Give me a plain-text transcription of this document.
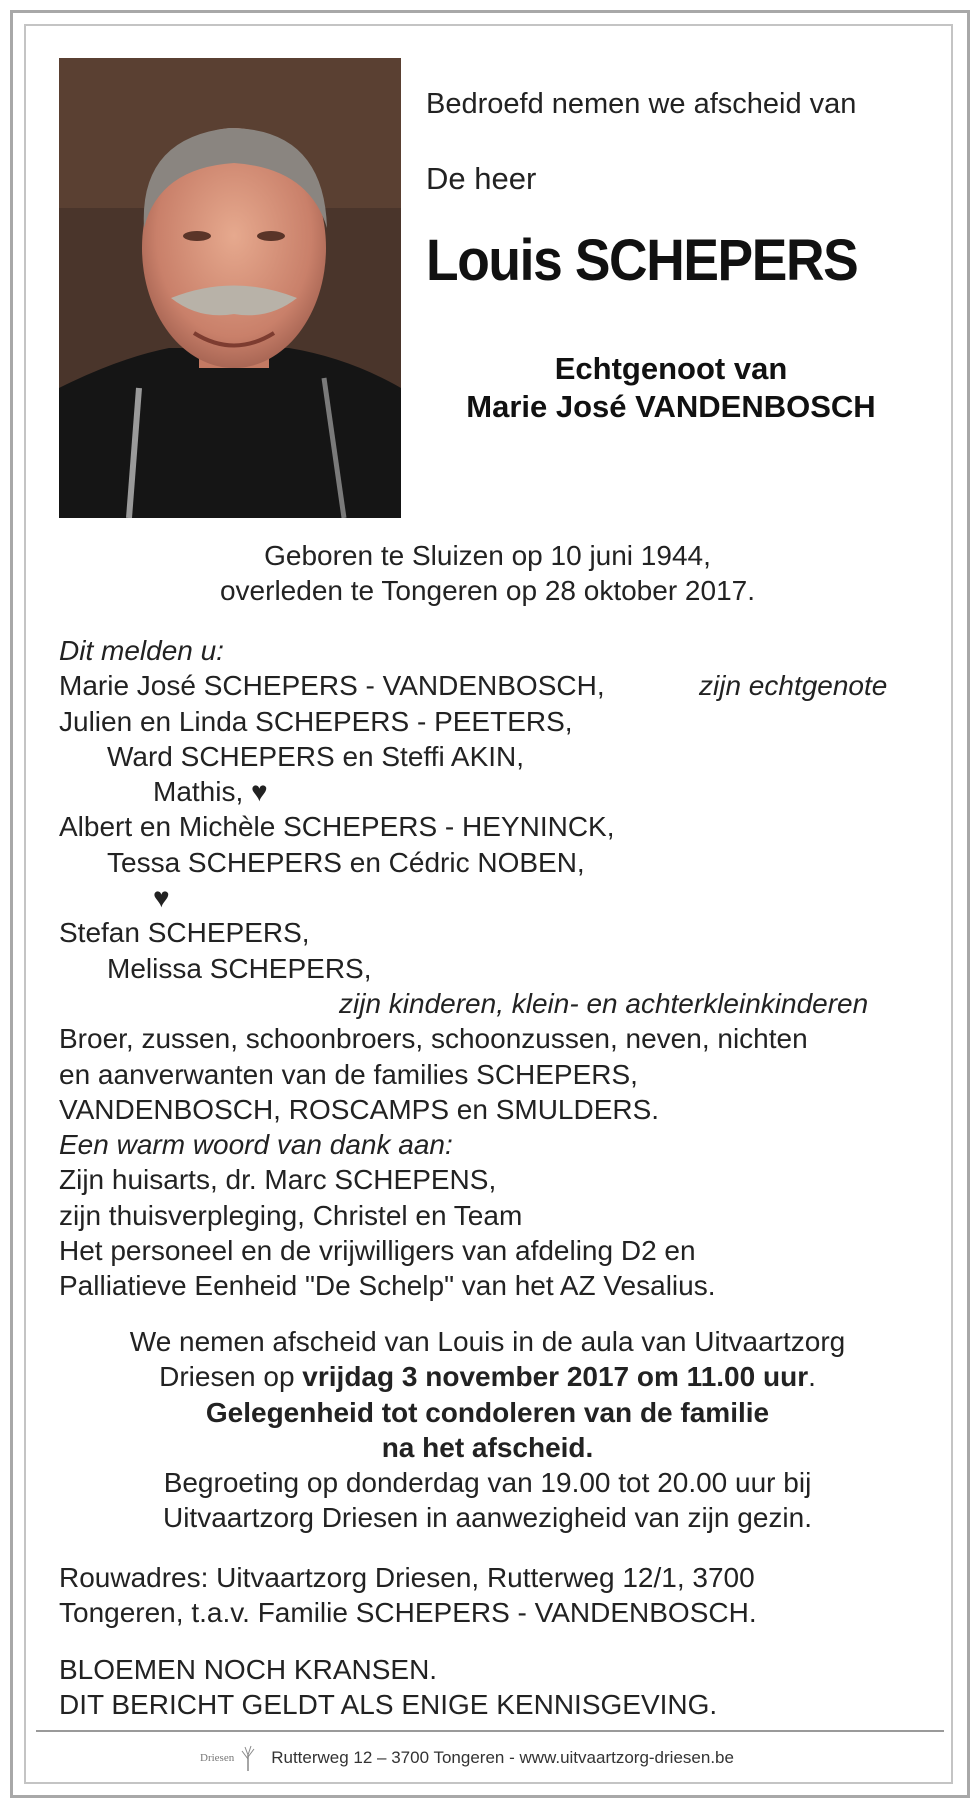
Bedroefd nemen we afscheid van
De heer
Louis SCHEPERS
Echtgenoot van
Marie José VANDENBOSCH
Geboren te Sluizen op 10 juni 1944,
overleden te Tongeren op 28 oktober 2017.
Dit melden u:
Marie José SCHEPERS - VANDENBOSCH,	zijn echtgenote
Julien en Linda SCHEPERS - PEETERS,
Ward SCHEPERS en Steffi AKIN,
Mathis, ♥
Albert en Michèle SCHEPERS - HEYNINCK,
Tessa SCHEPERS en Cédric NOBEN,
♥
Stefan SCHEPERS,
Melissa SCHEPERS,
zijn kinderen, klein- en achterkleinkinderen
Broer, zussen, schoonbroers, schoonzussen, neven, nichten
en aanverwanten van de families SCHEPERS,
VANDENBOSCH, ROSCAMPS en SMULDERS.
Een warm woord van dank aan:
Zijn huisarts, dr. Marc SCHEPENS,
zijn thuisverpleging, Christel en Team
Het personeel en de vrijwilligers van afdeling D2 en
Palliatieve Eenheid "De Schelp" van het AZ Vesalius.
We nemen afscheid van Louis in de aula van Uitvaartzorg
Driesen op vrijdag 3 november 2017 om 11.00 uur.
Gelegenheid tot condoleren van de familie
na het afscheid.
Begroeting op donderdag van 19.00 tot 20.00 uur bij
Uitvaartzorg Driesen in aanwezigheid van zijn gezin.
Rouwadres: Uitvaartzorg Driesen, Rutterweg 12/1, 3700
Tongeren, t.a.v. Familie SCHEPERS - VANDENBOSCH.
BLOEMEN NOCH KRANSEN.
DIT BERICHT GELDT ALS ENIGE KENNISGEVING.
Driesen Rutterweg 12 – 3700 Tongeren - www.uitvaartzorg-driesen.be
